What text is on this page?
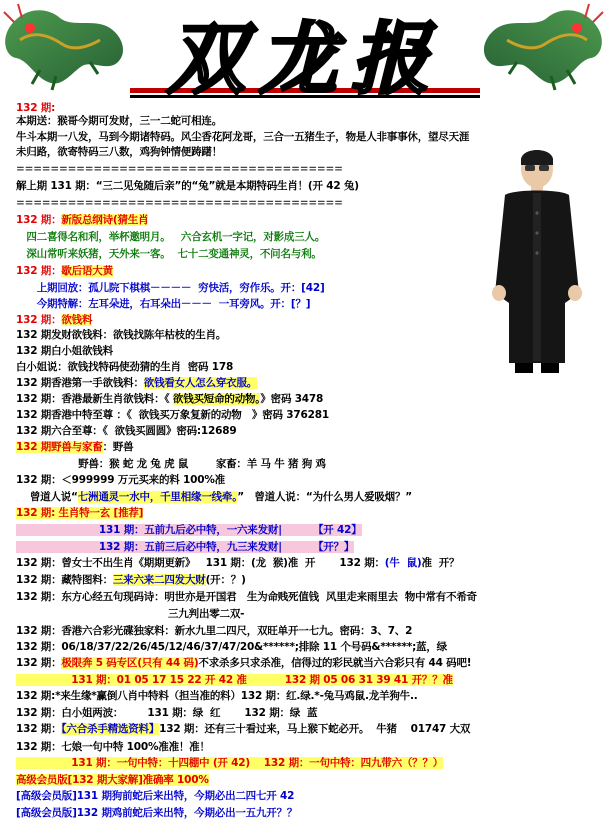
双龙报
132 期:
本期送：猴哥今期可发财，三一二蛇可相连。
牛斗本期一八发，马到今期诸特码。风尘香花阿龙哥，三合一五猪生子，物是人非事事休，望尽天涯
未归路，欲寄特码三八数，鸡狗钟情便踌躇！
======================================
解上期 131 期：“三二见兔随后亲”的“兔”就是本期特码生肖！(开 42 兔)
======================================
132 期：新版总纲诗(猜生肖
四二喜得名和利，举杯邀明月。   六合玄机一字记，对影成三人。
深山常听来妖猪，天外来一客。  七十二变通神灵，不问名与利。
132 期：歇后语大黄
上期回放：孤儿院下棋棋－－－－  穷快活，穷作乐。开：[42]
今期特解：左耳朵进，右耳朵出－－－  一耳旁风。开：[？]
132 期：欲钱料
132 期发财欲钱料：欲钱找陈年枯枝的生肖。
132 期白小姐欲钱料
白小姐说：欲钱找特码使劲猜的生肖  密码 178
132 期香港第一手欲钱料：欲钱看女人怎么穿衣服。
132 期：香港最新生肖欲钱料：《 欲钱买短命的动物。》密码 3478
132 期香港中特至尊 ：《  欲钱买万象复新的动物   》密码 376281
132 期六合至尊：《  欲钱买圆圆》密码:12689
132 期野兽与家畜：野兽
野兽：猴 蛇 龙 兔 虎 鼠        家畜：羊 马 牛 猪 狗 鸡
132 期：＜999999 万元买来的料 100%准
曾道人说“七洲通灵一水中，千里相缘一线牵。”   曾道人说：“为什么男人爱吸烟？”
132 期: 生肖特一玄 [推荐]
131 期：五前九后必中特，一六来发财|         【开 42】
132 期：五前三后必中特，九三来发财|         【开？】
132 期：曾女士不出生肖《期期更新》   131 期：(龙  猴)准  开       132 期：(牛  鼠)准  开？
132 期：藏特图料：三来六来二四发大财(开：？)
132 期：东方心经五句现码诗：明世亦是开国君   生为命贱死值钱  风里走来雨里去  物中常有不希奇
三九判出零二双-
132 期：香港六合彩光碟独家料：新水九里二四尺，双旺单开一七九。密码：3、7、2
132 期：06/18/37/22/26/45/12/46/37/47/20&******;排除 11 个号码&******;蓝，绿
132 期：极限奔 5 码专区(只有 44 码)不求杀多只求杀准，信得过的彩民就当六合彩只有 44 码吧!
131 期：01 05 17 15 22 开 42 准           132 期 05 06 31 39 41 开？？准
132 期:*来生缘*赢倒八肖中特料（担当准的料）132 期：红.绿.*-兔马鸡鼠.龙羊狗牛..
132 期：白小姐两波：       131 期：绿  红       132 期：绿  蓝
132 期：【六合杀手精选资料】132 期：还有三十看过来，马上猴下蛇必开。  牛猪    01747 大双
132 期：七娘一句中特 100%准准！准！
131 期：一句中特：十四棚中 (开 42)    132 期：一句中特：四九带六（？？）
高级会员版[132 期大家解]准确率 100%
[高级会员版]131 期狗前蛇后来出特，今期必出二四七开 42
[高级会员版]132 期鸡前蛇后来出特，今期必出一五九开？？
